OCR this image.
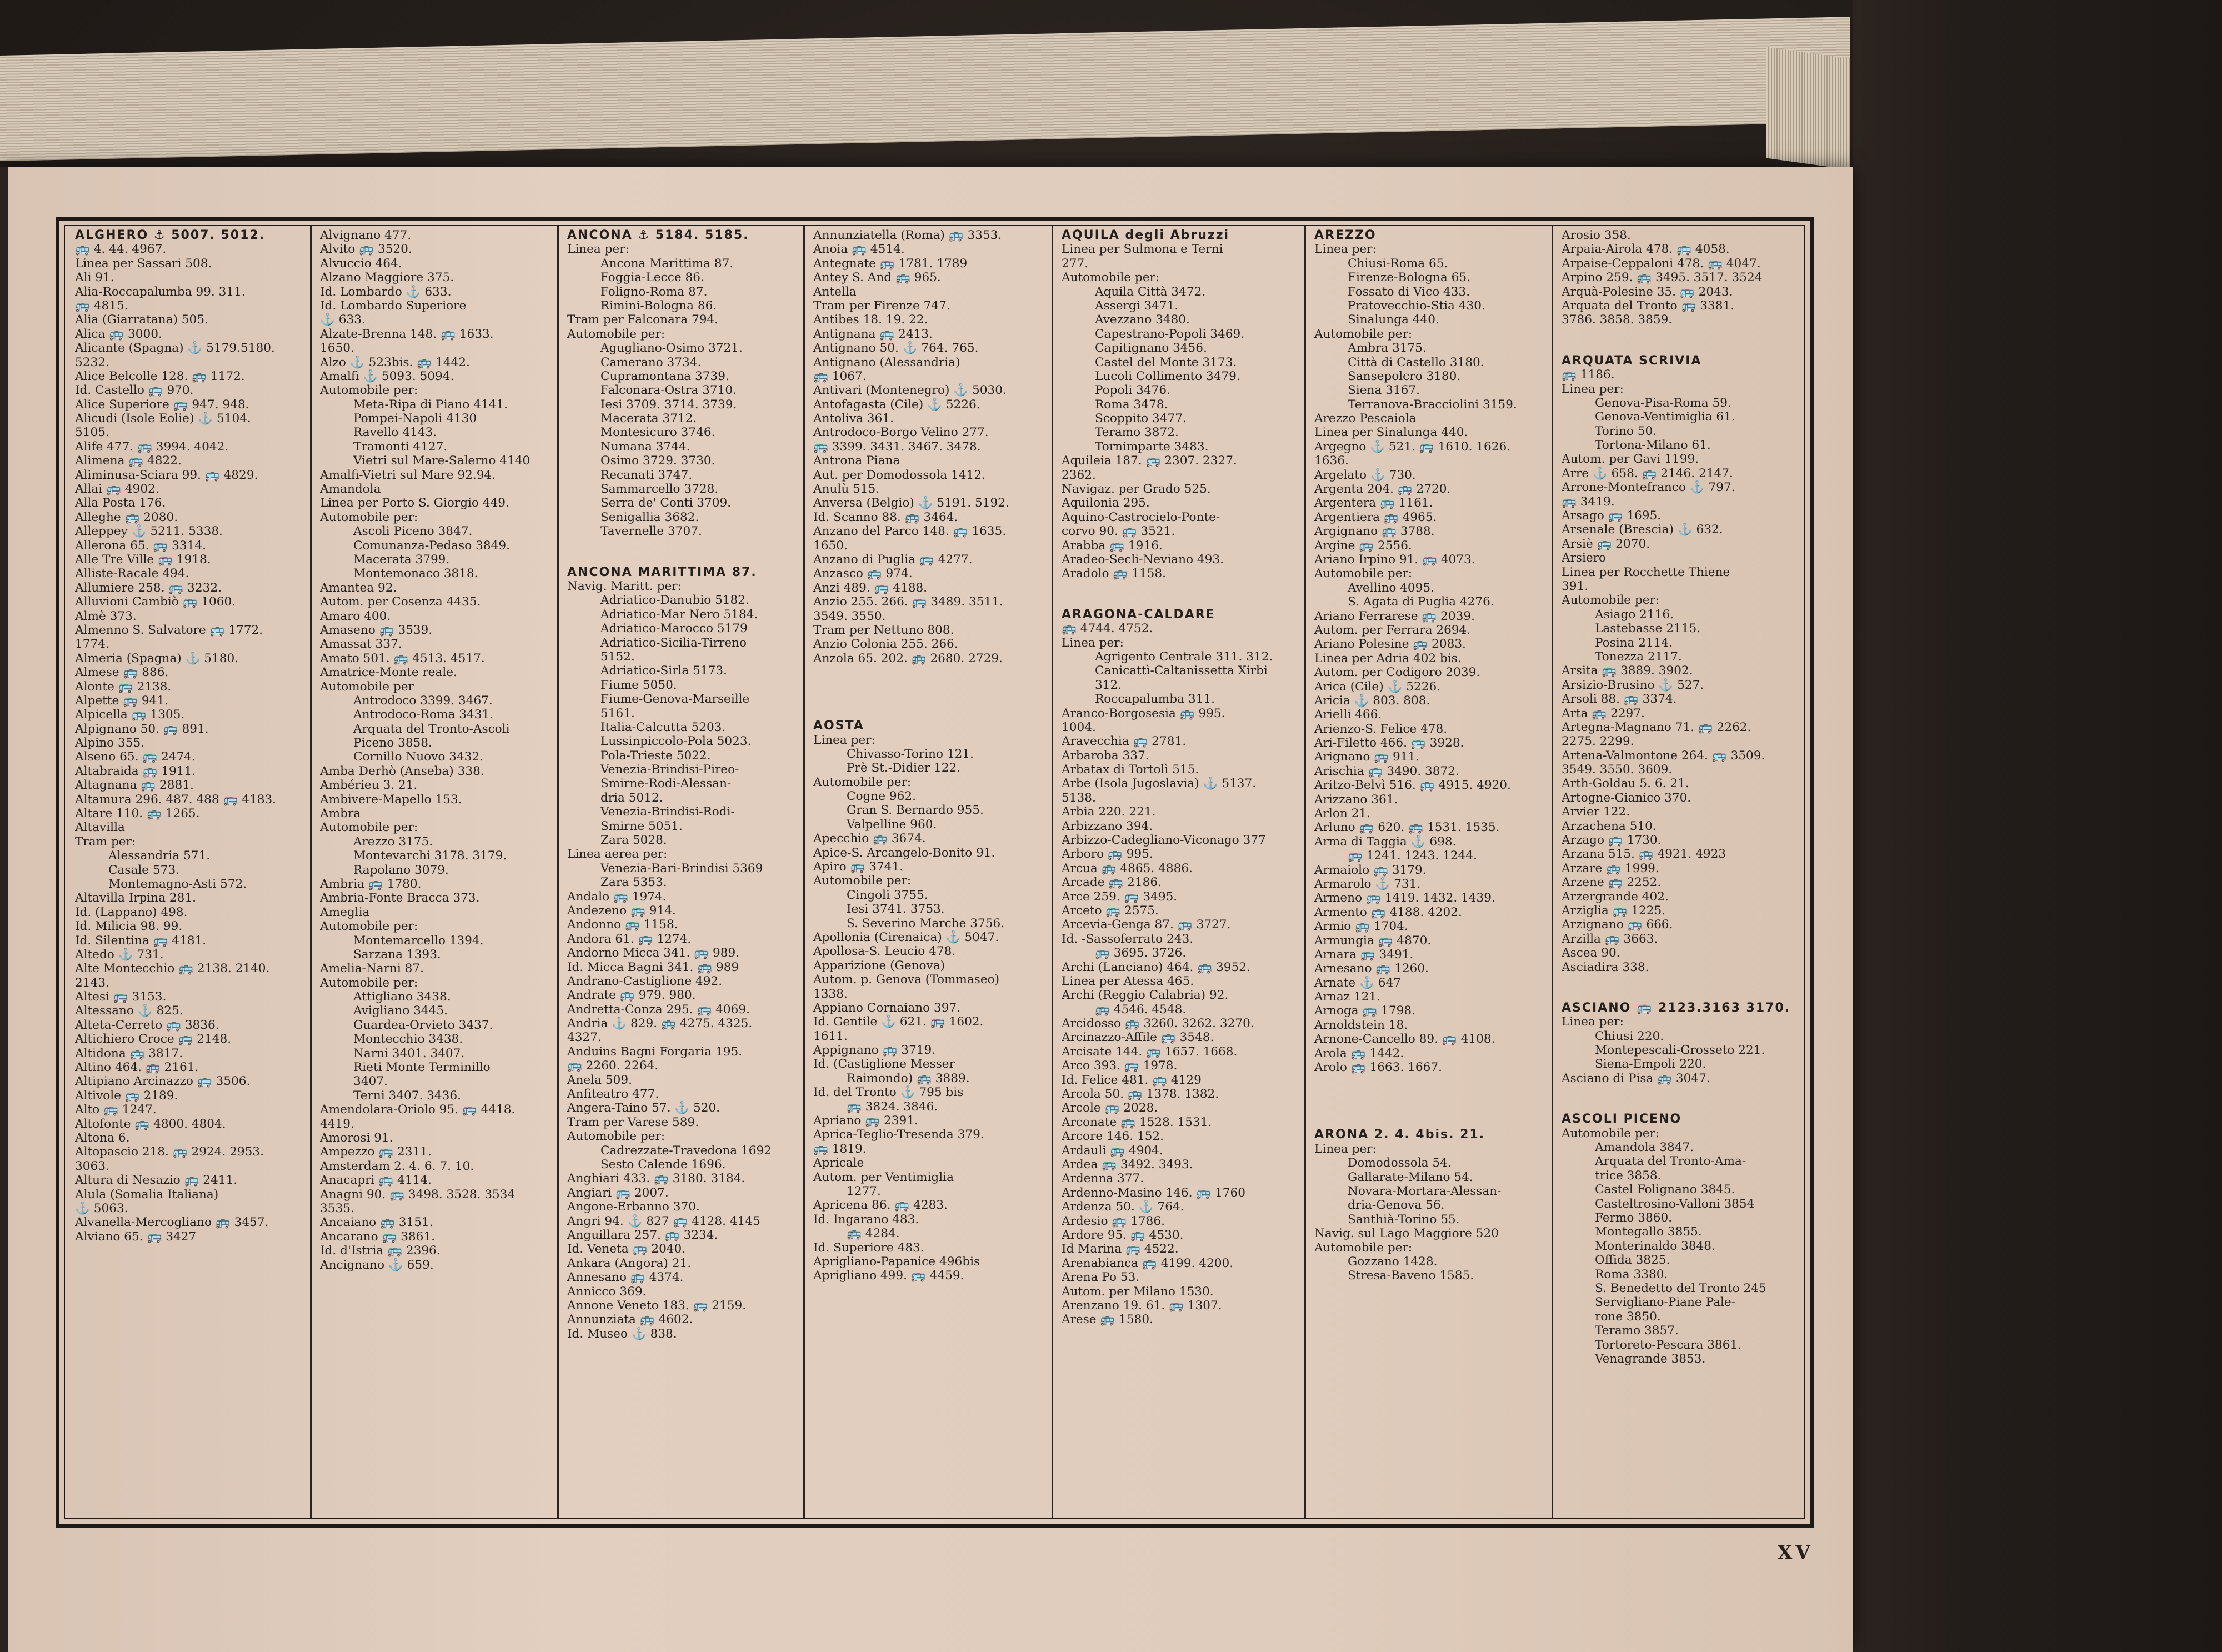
ALGHERO ⚓ 5007. 5012.
🚌 4. 44. 4967.
Linea per Sassari 508.
Ali 91.
Alia-Roccapalumba 99. 311.
🚌 4815.
Alia (Giarratana) 505.
Alica 🚌 3000.
Alicante (Spagna) ⚓ 5179.5180.
5232.
Alice Belcolle 128. 🚌 1172.
Id. Castello 🚌 970.
Alice Superiore 🚌 947. 948.
Alicudi (Isole Eolie) ⚓ 5104.
5105.
Alife 477. 🚌 3994. 4042.
Alimena 🚌 4822.
Aliminusa-Sciara 99. 🚌 4829.
Allai 🚌 4902.
Alla Posta 176.
Alleghe 🚌 2080.
Alleppey ⚓ 5211. 5338.
Allerona 65. 🚌 3314.
Alle Tre Ville 🚌 1918.
Alliste-Racale 494.
Allumiere 258. 🚌 3232.
Alluvioni Cambiò 🚌 1060.
Almè 373.
Almenno S. Salvatore 🚌 1772.
1774.
Almeria (Spagna) ⚓ 5180.
Almese 🚌 886.
Alonte 🚌 2138.
Alpette 🚌 941.
Alpicella 🚌 1305.
Alpignano 50. 🚌 891.
Alpino 355.
Alseno 65. 🚌 2474.
Altabraida 🚌 1911.
Altagnana 🚌 2881.
Altamura 296. 487. 488 🚌 4183.
Altare 110. 🚌 1265.
Altavilla
Tram per:
Alessandria 571.
Casale 573.
Montemagno-Asti 572.
Altavilla Irpina 281.
Id. (Lappano) 498.
Id. Milicia 98. 99.
Id. Silentina 🚌 4181.
Altedo ⚓ 731.
Alte Montecchio 🚌 2138. 2140.
2143.
Altesi 🚌 3153.
Altessano ⚓ 825.
Alteta-Cerreto 🚌 3836.
Altichiero Croce 🚌 2148.
Altidona 🚌 3817.
Altino 464. 🚌 2161.
Altipiano Arcinazzo 🚌 3506.
Altivole 🚌 2189.
Alto 🚌 1247.
Altofonte 🚌 4800. 4804.
Altona 6.
Altopascio 218. 🚌 2924. 2953.
3063.
Altura di Nesazio 🚌 2411.
Alula (Somalia Italiana)
⚓ 5063.
Alvanella-Mercogliano 🚌 3457.
Alviano 65. 🚌 3427
Alvignano 477.
Alvito 🚌 3520.
Alvuccio 464.
Alzano Maggiore 375.
Id. Lombardo ⚓ 633.
Id. Lombardo Superiore
⚓ 633.
Alzate-Brenna 148. 🚌 1633.
1650.
Alzo ⚓ 523bis. 🚌 1442.
Amalfi ⚓ 5093. 5094.
Automobile per:
Meta-Ripa di Piano 4141.
Pompei-Napoli 4130
Ravello 4143.
Tramonti 4127.
Vietri sul Mare-Salerno 4140
Amalfi-Vietri sul Mare 92.94.
Amandola
Linea per Porto S. Giorgio 449.
Automobile per:
Ascoli Piceno 3847.
Comunanza-Pedaso 3849.
Macerata 3799.
Montemonaco 3818.
Amantea 92.
Autom. per Cosenza 4435.
Amaro 400.
Amaseno 🚌 3539.
Amassat 337.
Amato 501. 🚌 4513. 4517.
Amatrice-Monte reale.
Automobile per
Antrodoco 3399. 3467.
Antrodoco-Roma 3431.
Arquata del Tronto-Ascoli
Piceno 3858.
Cornillo Nuovo 3432.
Amba Derhò (Anseba) 338.
Ambérieu 3. 21.
Ambivere-Mapello 153.
Ambra
Automobile per:
Arezzo 3175.
Montevarchi 3178. 3179.
Rapolano 3079.
Ambria 🚌 1780.
Ambria-Fonte Bracca 373.
Ameglia
Automobile per:
Montemarcello 1394.
Sarzana 1393.
Amelia-Narni 87.
Automobile per:
Attigliano 3438.
Avigliano 3445.
Guardea-Orvieto 3437.
Montecchio 3438.
Narni 3401. 3407.
Rieti Monte Terminillo
3407.
Terni 3407. 3436.
Amendolara-Oriolo 95. 🚌 4418.
4419.
Amorosi 91.
Ampezzo 🚌 2311.
Amsterdam 2. 4. 6. 7. 10.
Anacapri 🚌 4114.
Anagni 90. 🚌 3498. 3528. 3534
3535.
Ancaiano 🚌 3151.
Ancarano 🚌 3861.
Id. d'Istria 🚌 2396.
Ancignano ⚓ 659.
ANCONA ⚓ 5184. 5185.
Linea per:
Ancona Marittima 87.
Foggia-Lecce 86.
Foligno-Roma 87.
Rimini-Bologna 86.
Tram per Falconara 794.
Automobile per:
Agugliano-Osimo 3721.
Camerano 3734.
Cupramontana 3739.
Falconara-Ostra 3710.
Iesi 3709. 3714. 3739.
Macerata 3712.
Montesicuro 3746.
Numana 3744.
Osimo 3729. 3730.
Recanati 3747.
Sammarcello 3728.
Serra de' Conti 3709.
Senigallia 3682.
Tavernelle 3707.
ANCONA MARITTIMA 87.
Navig. Maritt. per:
Adriatico-Danubio 5182.
Adriatico-Mar Nero 5184.
Adriatico-Marocco 5179
Adriatico-Sicilia-Tirreno
5152.
Adriatico-Sirla 5173.
Fiume 5050.
Fiume-Genova-Marseille
5161.
Italia-Calcutta 5203.
Lussinpiccolo-Pola 5023.
Pola-Trieste 5022.
Venezia-Brindisi-Pireo-
Smirne-Rodi-Alessan-
dria 5012.
Venezia-Brindisi-Rodi-
Smirne 5051.
Zara 5028.
Linea aerea per:
Venezia-Bari-Brindisi 5369
Zara 5353.
Andalo 🚌 1974.
Andezeno 🚌 914.
Andonno 🚌 1158.
Andora 61. 🚌 1274.
Andorno Micca 341. 🚌 989.
Id. Micca Bagni 341. 🚌 989
Andrano-Castiglione 492.
Andrate 🚌 979. 980.
Andretta-Conza 295. 🚌 4069.
Andria ⚓ 829. 🚌 4275. 4325.
4327.
Anduins Bagni Forgaria 195.
🚌 2260. 2264.
Anela 509.
Anfiteatro 477.
Angera-Taino 57. ⚓ 520.
Tram per Varese 589.
Automobile per:
Cadrezzate-Travedona 1692
Sesto Calende 1696.
Anghiari 433. 🚌 3180. 3184.
Angiari 🚌 2007.
Angone-Erbanno 370.
Angri 94. ⚓ 827 🚌 4128. 4145
Anguillara 257. 🚌 3234.
Id. Veneta 🚌 2040.
Ankara (Angora) 21.
Annesano 🚌 4374.
Annicco 369.
Annone Veneto 183. 🚌 2159.
Annunziata 🚌 4602.
Id. Museo ⚓ 838.
Annunziatella (Roma) 🚌 3353.
Anoia 🚌 4514.
Antegnate 🚌 1781. 1789
Antey S. And 🚌 965.
Antella
Tram per Firenze 747.
Antibes 18. 19. 22.
Antignana 🚌 2413.
Antignano 50. ⚓ 764. 765.
Antignano (Alessandria)
🚌 1067.
Antivari (Montenegro) ⚓ 5030.
Antofagasta (Cile) ⚓ 5226.
Antoliva 361.
Antrodoco-Borgo Velino 277.
🚌 3399. 3431. 3467. 3478.
Antrona Piana
Aut. per Domodossola 1412.
Anulù 515.
Anversa (Belgio) ⚓ 5191. 5192.
Id. Scanno 88. 🚌 3464.
Anzano del Parco 148. 🚌 1635.
1650.
Anzano di Puglia 🚌 4277.
Anzasco 🚌 974.
Anzi 489. 🚌 4188.
Anzio 255. 266. 🚌 3489. 3511.
3549. 3550.
Tram per Nettuno 808.
Anzio Colonia 255. 266.
Anzola 65. 202. 🚌 2680. 2729.
AOSTA
Linea per:
Chivasso-Torino 121.
Prè St.-Didier 122.
Automobile per:
Cogne 962.
Gran S. Bernardo 955.
Valpelline 960.
Apecchio 🚌 3674.
Apice-S. Arcangelo-Bonito 91.
Apiro 🚌 3741.
Automobile per:
Cingoli 3755.
Iesi 3741. 3753.
S. Severino Marche 3756.
Apollonia (Cirenaica) ⚓ 5047.
Apollosa-S. Leucio 478.
Apparizione (Genova)
Autom. p. Genova (Tommaseo)
1338.
Appiano Cornaiano 397.
Id. Gentile ⚓ 621. 🚌 1602.
1611.
Appignano 🚌 3719.
Id. (Castiglione Messer
Raimondo) 🚌 3889.
Id. del Tronto ⚓ 795 bis
🚌 3824. 3846.
Apriano 🚌 2391.
Aprica-Teglio-Tresenda 379.
🚌 1819.
Apricale
Autom. per Ventimiglia
1277.
Apricena 86. 🚌 4283.
Id. Ingarano 483.
🚌 4284.
Id. Superiore 483.
Aprigliano-Papanice 496bis
Aprigliano 499. 🚌 4459.
AQUILA degli Abruzzi
Linea per Sulmona e Terni
277.
Automobile per:
Aquila Città 3472.
Assergi 3471.
Avezzano 3480.
Capestrano-Popoli 3469.
Capitignano 3456.
Castel del Monte 3173.
Lucoli Collimento 3479.
Popoli 3476.
Roma 3478.
Scoppito 3477.
Teramo 3872.
Tornimparte 3483.
Aquileia 187. 🚌 2307. 2327.
2362.
Navigaz. per Grado 525.
Aquilonia 295.
Aquino-Castrocielo-Ponte-
corvo 90. 🚌 3521.
Arabba 🚌 1916.
Aradeo-Secli-Neviano 493.
Aradolo 🚌 1158.
ARAGONA-CALDARE
🚌 4744. 4752.
Linea per:
Agrigento Centrale 311. 312.
Canicattì-Caltanissetta Xirbi
312.
Roccapalumba 311.
Aranco-Borgosesia 🚌 995.
1004.
Aravecchia 🚌 2781.
Arbaroba 337.
Arbatax di Tortolì 515.
Arbe (Isola Jugoslavia) ⚓ 5137.
5138.
Arbia 220. 221.
Arbizzano 394.
Arbizzo-Cadegliano-Viconago 377
Arboro 🚌 995.
Arcua 🚌 4865. 4886.
Arcade 🚌 2186.
Arce 259. 🚌 3495.
Arceto 🚌 2575.
Arcevia-Genga 87. 🚌 3727.
Id. -Sassoferrato 243.
🚌 3695. 3726.
Archi (Lanciano) 464. 🚌 3952.
Linea per Atessa 465.
Archi (Reggio Calabria) 92.
🚌 4546. 4548.
Arcidosso 🚌 3260. 3262. 3270.
Arcinazzo-Affile 🚌 3548.
Arcisate 144. 🚌 1657. 1668.
Arco 393. 🚌 1978.
Id. Felice 481. 🚌 4129
Arcola 50. 🚌 1378. 1382.
Arcole 🚌 2028.
Arconate 🚌 1528. 1531.
Arcore 146. 152.
Ardauli 🚌 4904.
Ardea 🚌 3492. 3493.
Ardenna 377.
Ardenno-Masino 146. 🚌 1760
Ardenza 50. ⚓ 764.
Ardesio 🚌 1786.
Ardore 95. 🚌 4530.
Id Marina 🚌 4522.
Arenabianca 🚌 4199. 4200.
Arena Po 53.
Autom. per Milano 1530.
Arenzano 19. 61. 🚌 1307.
Arese 🚌 1580.
AREZZO
Linea per:
Chiusi-Roma 65.
Firenze-Bologna 65.
Fossato di Vico 433.
Pratovecchio-Stia 430.
Sinalunga 440.
Automobile per:
Ambra 3175.
Città di Castello 3180.
Sansepolcro 3180.
Siena 3167.
Terranova-Bracciolini 3159.
Arezzo Pescaiola
Linea per Sinalunga 440.
Argegno ⚓ 521. 🚌 1610. 1626.
1636.
Argelato ⚓ 730.
Argenta 204. 🚌 2720.
Argentera 🚌 1161.
Argentiera 🚌 4965.
Argignano 🚌 3788.
Argine 🚌 2556.
Ariano Irpino 91. 🚌 4073.
Automobile per:
Avellino 4095.
S. Agata di Puglia 4276.
Ariano Ferrarese 🚌 2039.
Autom. per Ferrara 2694.
Ariano Polesine 🚌 2083.
Linea per Adria 402 bis.
Autom. per Codigoro 2039.
Arica (Cile) ⚓ 5226.
Aricia ⚓ 803. 808.
Arielli 466.
Arienzo-S. Felice 478.
Ari-Filetto 466. 🚌 3928.
Arignano 🚌 911.
Arischia 🚌 3490. 3872.
Aritzo-Belvì 516. 🚌 4915. 4920.
Arizzano 361.
Arlon 21.
Arluno 🚌 620. 🚌 1531. 1535.
Arma di Taggia ⚓ 698.
🚌 1241. 1243. 1244.
Armaiolo 🚌 3179.
Armarolo ⚓ 731.
Armeno 🚌 1419. 1432. 1439.
Armento 🚌 4188. 4202.
Armio 🚌 1704.
Armungia 🚌 4870.
Arnara 🚌 3491.
Arnesano 🚌 1260.
Arnate ⚓ 647
Arnaz 121.
Arnoga 🚌 1798.
Arnoldstein 18.
Arnone-Cancello 89. 🚌 4108.
Arola 🚌 1442.
Arolo 🚌 1663. 1667.
ARONA 2. 4. 4bis. 21.
Linea per:
Domodossola 54.
Gallarate-Milano 54.
Novara-Mortara-Alessan-
dria-Genova 56.
Santhià-Torino 55.
Navig. sul Lago Maggiore 520
Automobile per:
Gozzano 1428.
Stresa-Baveno 1585.
Arosio 358.
Arpaia-Airola 478. 🚌 4058.
Arpaise-Ceppaloni 478. 🚌 4047.
Arpino 259. 🚌 3495. 3517. 3524
Arquà-Polesine 35. 🚌 2043.
Arquata del Tronto 🚌 3381.
3786. 3858. 3859.
ARQUATA SCRIVIA
🚌 1186.
Linea per:
Genova-Pisa-Roma 59.
Genova-Ventimiglia 61.
Torino 50.
Tortona-Milano 61.
Autom. per Gavi 1199.
Arre ⚓ 658. 🚌 2146. 2147.
Arrone-Montefranco ⚓ 797.
🚌 3419.
Arsago 🚌 1695.
Arsenale (Brescia) ⚓ 632.
Arsiè 🚌 2070.
Arsiero
Linea per Rocchette Thiene
391.
Automobile per:
Asiago 2116.
Lastebasse 2115.
Posina 2114.
Tonezza 2117.
Arsita 🚌 3889. 3902.
Arsizio-Brusino ⚓ 527.
Arsoli 88. 🚌 3374.
Arta 🚌 2297.
Artegna-Magnano 71. 🚌 2262.
2275. 2299.
Artena-Valmontone 264. 🚌 3509.
3549. 3550. 3609.
Arth-Goldau 5. 6. 21.
Artogne-Gianico 370.
Arvier 122.
Arzachena 510.
Arzago 🚌 1730.
Arzana 515. 🚌 4921. 4923
Arzare 🚌 1999.
Arzene 🚌 2252.
Arzergrande 402.
Arziglia 🚌 1225.
Arzignano 🚌 666.
Arzilla 🚌 3663.
Ascea 90.
Asciadira 338.
ASCIANO 🚌 2123.3163 3170.
Linea per:
Chiusi 220.
Montepescali-Grosseto 221.
Siena-Empoli 220.
Asciano di Pisa 🚌 3047.
ASCOLI PICENO
Automobile per:
Amandola 3847.
Arquata del Tronto-Ama-
trice 3858.
Castel Folignano 3845.
Casteltrosino-Valloni 3854
Fermo 3860.
Montegallo 3855.
Monterinaldo 3848.
Offida 3825.
Roma 3380.
S. Benedetto del Tronto 245
Servigliano-Piane Pale-
rone 3850.
Teramo 3857.
Tortoreto-Pescara 3861.
Venagrande 3853.
XV
